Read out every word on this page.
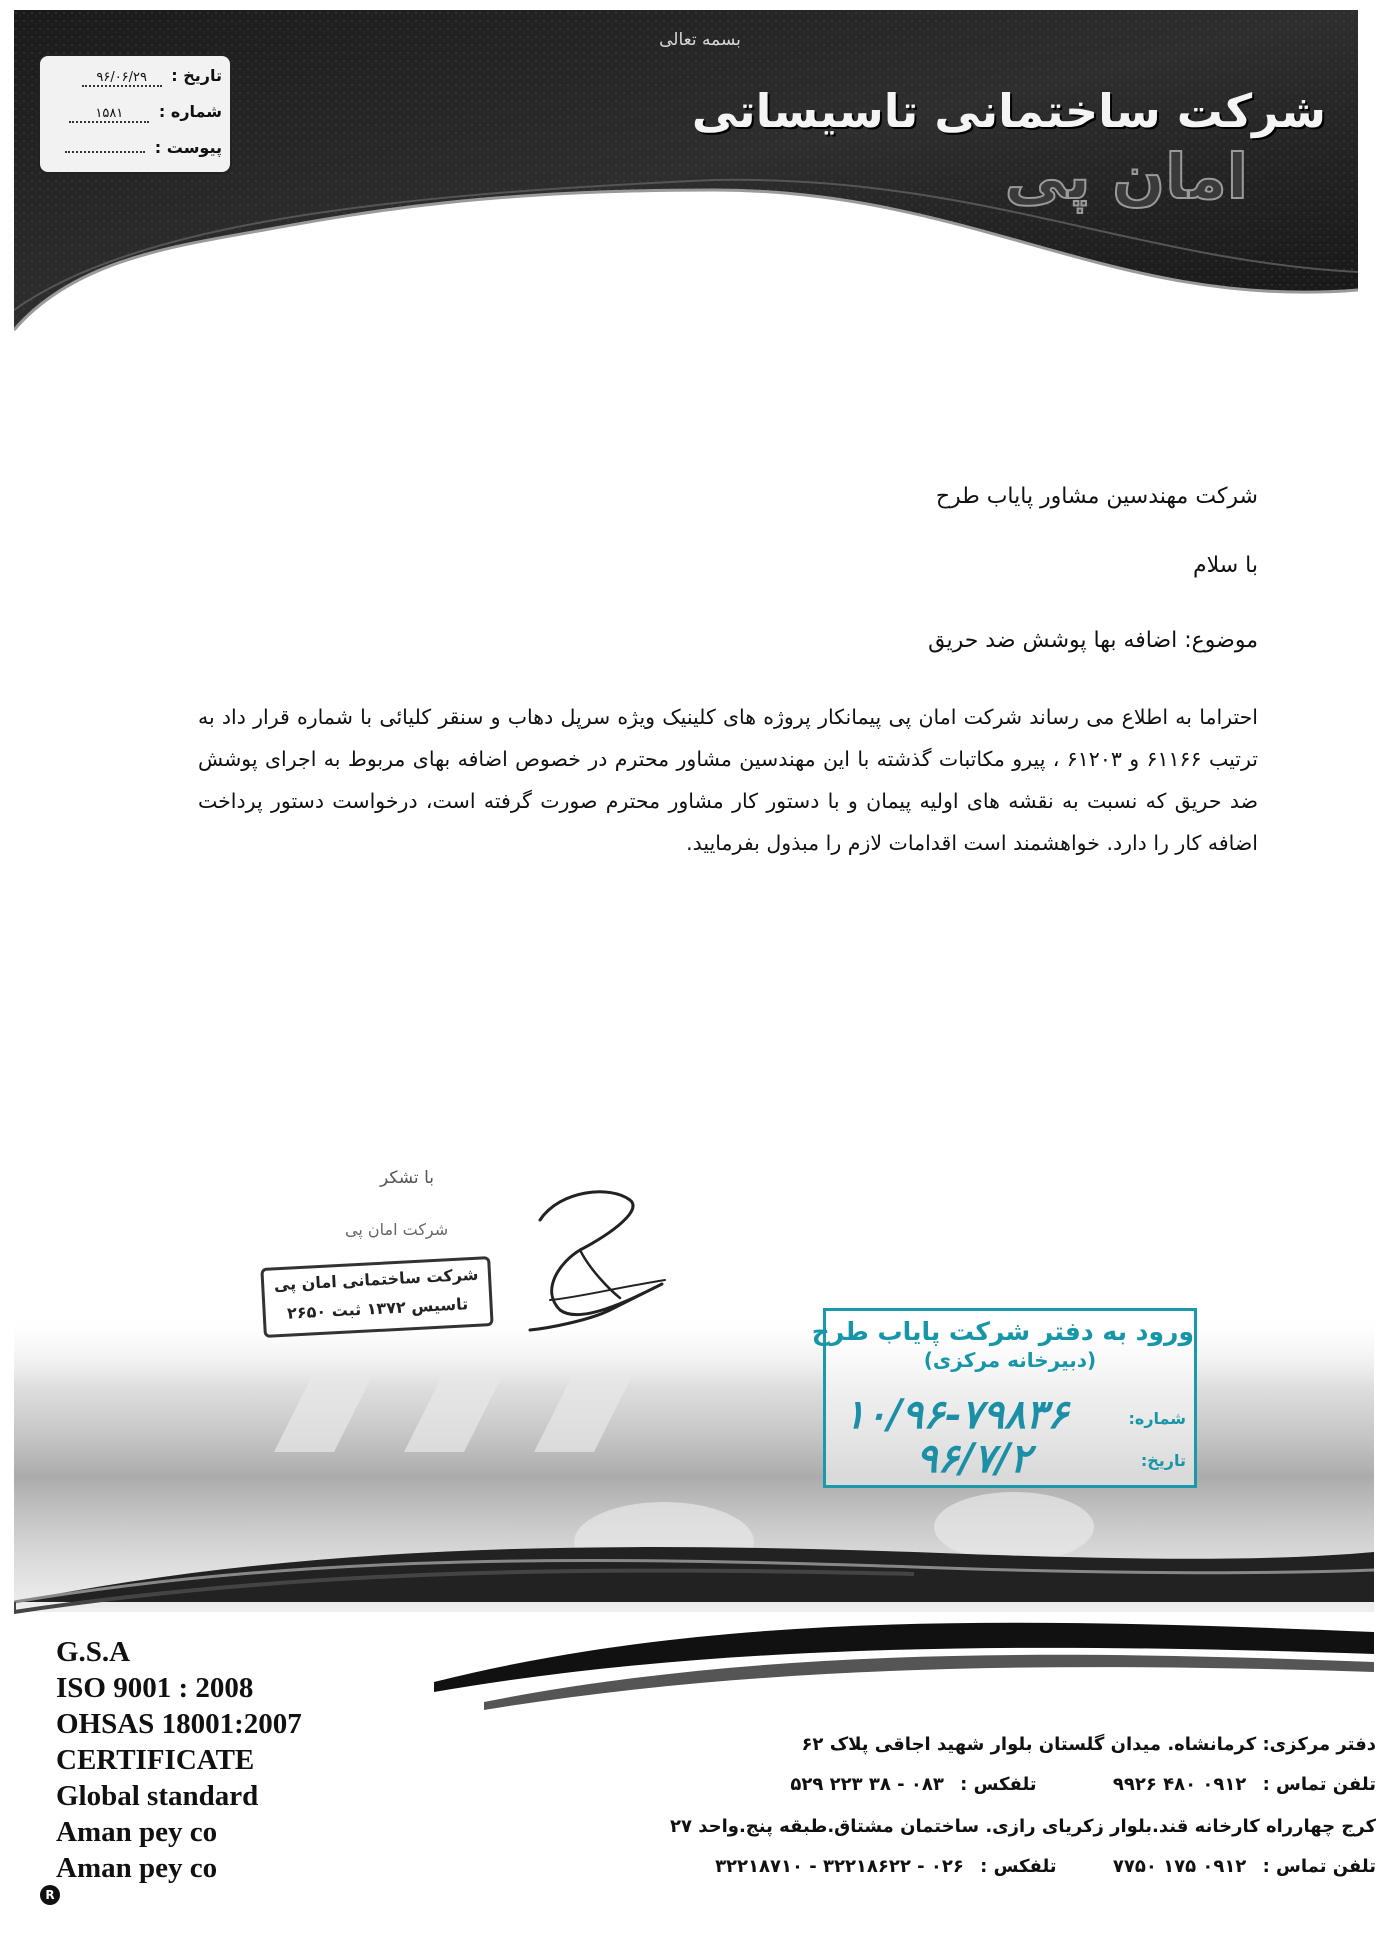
بسمه تعالی
تاریخ : ۹۶/۰۶/۲۹
شماره : ۱۵۸۱
پیوست :
شرکت ساختمانی تاسیساتی
امان پی
شرکت مهندسین مشاور پایاب طرح
با سلام
موضوع: اضافه بها پوشش ضد حریق
احتراما به اطلاع می رساند شرکت امان پی پیمانکار پروژه های کلینیک ویژه سرپل دهاب و سنقر کلیائی با شماره قرار داد به ترتیب ۶۱۱۶۶ و ۶۱۲۰۳ ، پیرو مکاتبات گذشته با این مهندسین مشاور محترم در خصوص اضافه بهای مربوط به اجرای پوشش ضد حریق که نسبت به نقشه های اولیه پیمان و با دستور کار مشاور محترم صورت گرفته است، درخواست دستور پرداخت اضافه کار را دارد. خواهشمند است اقدامات لازم را مبذول بفرمایید.
با تشکر
شرکت امان پی
شرکت ساختمانی امان پی
تاسیس ۱۳۷۲ ثبت ۲۶۵۰
ورود به دفتر شرکت پایاب طرح
(دبیرخانه مرکزی)
شماره:
تاریخ:
۱۰/۹۶-۷۹۸۳۶
۹۶/۷/۲
G.S.A
ISO 9001 : 2008
OHSAS 18001:2007
CERTIFICATE
Global standard
Aman pey co
Aman pey co
دفتر مرکزی: کرمانشاه. میدان گلستان بلوار شهید اجاقی پلاک ۶۲
تلفن تماس : ۰۹۱۲ ۴۸۰ ۹۹۲۶ تلفکس : ۰۸۳ - ۳۸ ۲۲۳ ۵۲۹
کرج چهارراه کارخانه قند.بلوار زکریای رازی. ساختمان مشتاق.طبقه پنج.واحد ۲۷
تلفن تماس : ۰۹۱۲ ۱۷۵ ۷۷۵۰ تلفکس : ۰۲۶ - ۳۲۲۱۸۶۲۲ - ۳۲۲۱۸۷۱۰
R
